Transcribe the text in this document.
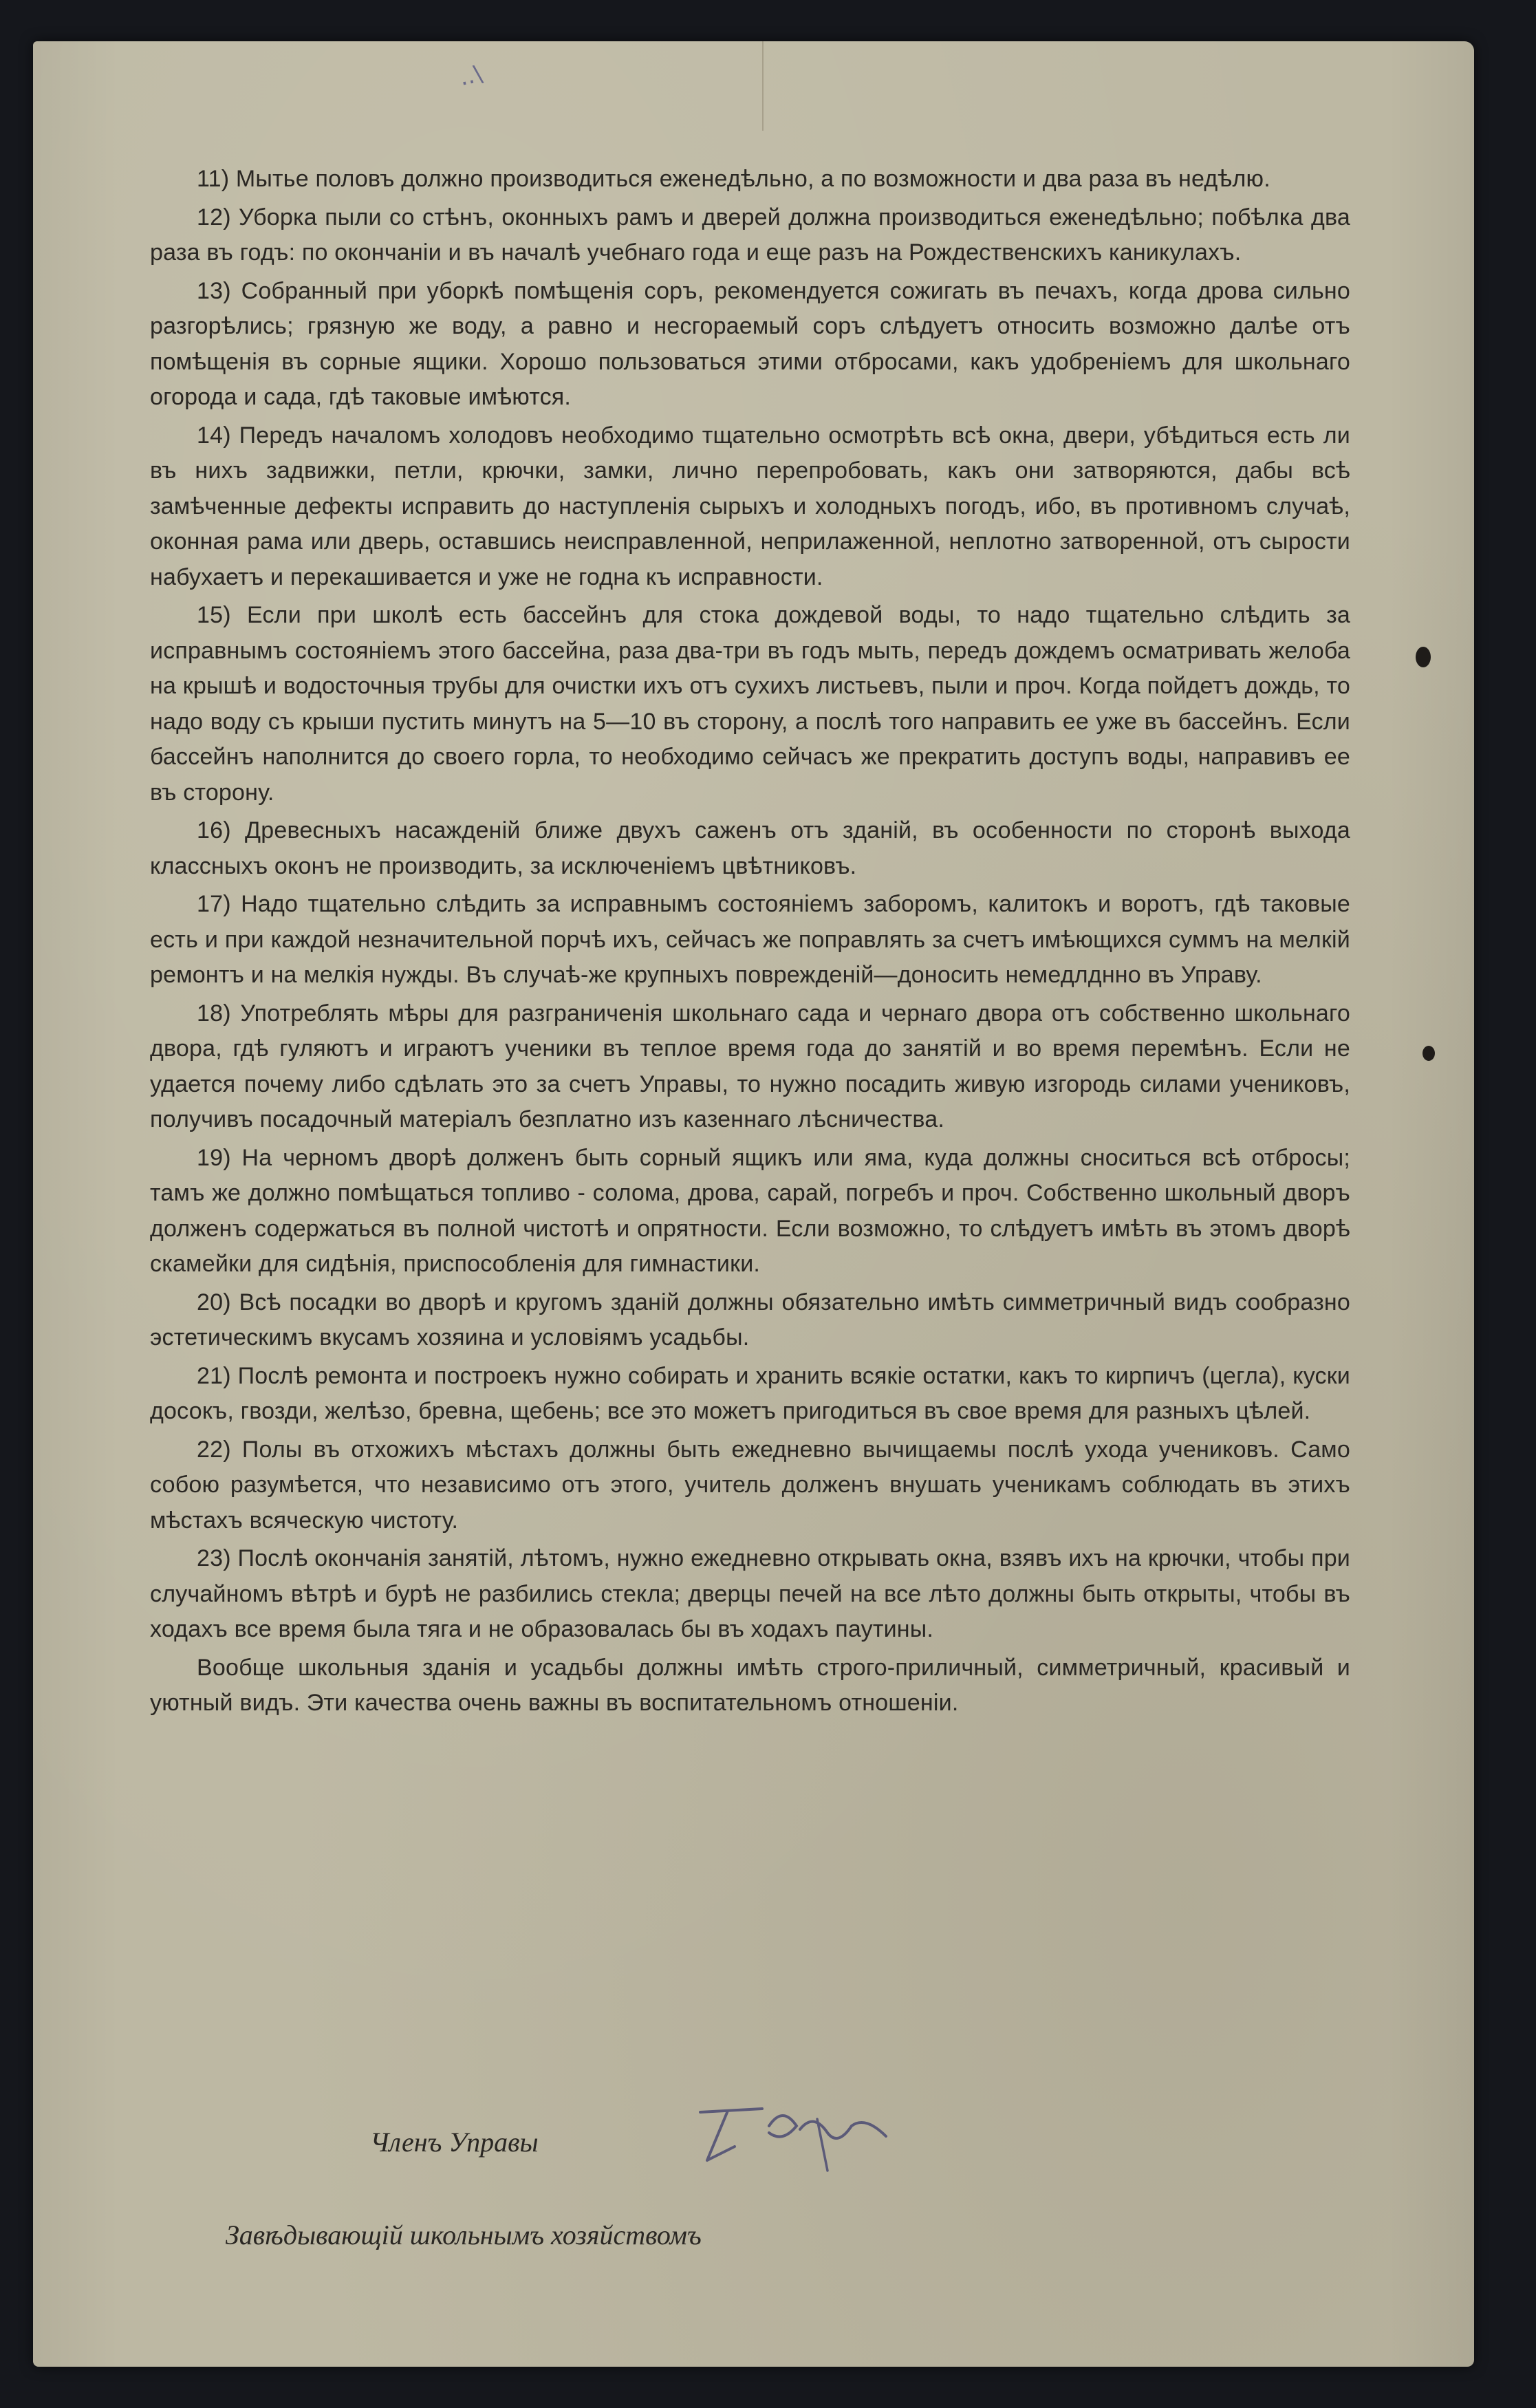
..\

11) Мытье половъ должно производиться еженедѣльно, а по возможности и два раза въ недѣлю.

12) Уборка пыли со стѣнъ, оконныхъ рамъ и дверей должна производиться еженедѣльно; побѣлка два раза въ годъ: по окончаніи и въ началѣ учебнаго года и еще разъ на Рождественскихъ каникулахъ.

13) Собранный при уборкѣ помѣщенія соръ, рекомендуется сожигать въ печахъ, когда дрова сильно разгорѣлись; грязную же воду, а равно и несгораемый соръ слѣдуетъ относить возможно далѣе отъ помѣщенія въ сорные ящики. Хорошо пользоваться этими отбросами, какъ удобреніемъ для школьнаго огорода и сада, гдѣ таковые имѣются.

14) Передъ началомъ холодовъ необходимо тщательно осмотрѣть всѣ окна, двери, убѣдиться есть ли въ нихъ задвижки, петли, крючки, замки, лично перепробовать, какъ они затворяются, дабы всѣ замѣченные дефекты исправить до наступленія сырыхъ и холодныхъ погодъ, ибо, въ противномъ случаѣ, оконная рама или дверь, оставшись неисправленной, неприлаженной, неплотно затворенной, отъ сырости набухаетъ и перекашивается и уже не годна къ исправности.

15) Если при школѣ есть бассейнъ для стока дождевой воды, то надо тщательно слѣдить за исправнымъ состояніемъ этого бассейна, раза два-три въ годъ мыть, передъ дождемъ осматривать желоба на крышѣ и водосточныя трубы для очистки ихъ отъ сухихъ листьевъ, пыли и проч. Когда пойдетъ дождь, то надо воду съ крыши пустить минутъ на 5—10 въ сторону, а послѣ того направить ее уже въ бассейнъ. Если бассейнъ наполнится до своего горла, то необходимо сейчасъ же прекратить доступъ воды, направивъ ее въ сторону.

16) Древесныхъ насажденій ближе двухъ саженъ отъ зданій, въ особенности по сторонѣ выхода классныхъ оконъ не производить, за исключеніемъ цвѣтниковъ.

17) Надо тщательно слѣдить за исправнымъ состояніемъ заборомъ, калитокъ и воротъ, гдѣ таковые есть и при каждой незначительной порчѣ ихъ, сейчасъ же поправлять за счетъ имѣющихся суммъ на мелкій ремонтъ и на мелкія нужды. Въ случаѣ-же крупныхъ поврежденій—доносить немедлднно въ Управу.

18) Употреблять мѣры для разграниченія школьнаго сада и чернаго двора отъ собственно школьнаго двора, гдѣ гуляютъ и играютъ ученики въ теплое время года до занятій и во время перемѣнъ. Если не удается почему либо сдѣлать это за счетъ Управы, то нужно посадить живую изгородь силами учениковъ, получивъ посадочный матеріалъ безплатно изъ казеннаго лѣсничества.

19) На черномъ дворѣ долженъ быть сорный ящикъ или яма, куда должны сноситься всѣ отбросы; тамъ же должно помѣщаться топливо - солома, дрова, сарай, погребъ и проч. Собственно школьный дворъ долженъ содержаться въ полной чистотѣ и опрятности. Если возможно, то слѣдуетъ имѣть въ этомъ дворѣ скамейки для сидѣнія, приспособленія для гимнастики.

20) Всѣ посадки во дворѣ и кругомъ зданій должны обязательно имѣть симметричный видъ сообразно эстетическимъ вкусамъ хозяина и условіямъ усадьбы.

21) Послѣ ремонта и построекъ нужно собирать и хранить всякіе остатки, какъ то кирпичъ (цегла), куски досокъ, гвозди, желѣзо, бревна, щебень; все это можетъ пригодиться въ свое время для разныхъ цѣлей.

22) Полы въ отхожихъ мѣстахъ должны быть ежедневно вычищаемы послѣ ухода учениковъ. Само собою разумѣется, что независимо отъ этого, учитель долженъ внушать ученикамъ соблюдать въ этихъ мѣстахъ всяческую чистоту.

23) Послѣ окончанія занятій, лѣтомъ, нужно ежедневно открывать окна, взявъ ихъ на крючки, чтобы при случайномъ вѣтрѣ и бурѣ не разбились стекла; дверцы печей на все лѣто должны быть открыты, чтобы въ ходахъ все время была тяга и не образовалась бы въ ходахъ паутины.

Вообще школьныя зданія и усадьбы должны имѣть строго-приличный, симметричный, красивый и уютный видъ. Эти качества очень важны въ воспитательномъ отношеніи.

Членъ Управы
Завѣдывающій школьнымъ хозяйствомъ
